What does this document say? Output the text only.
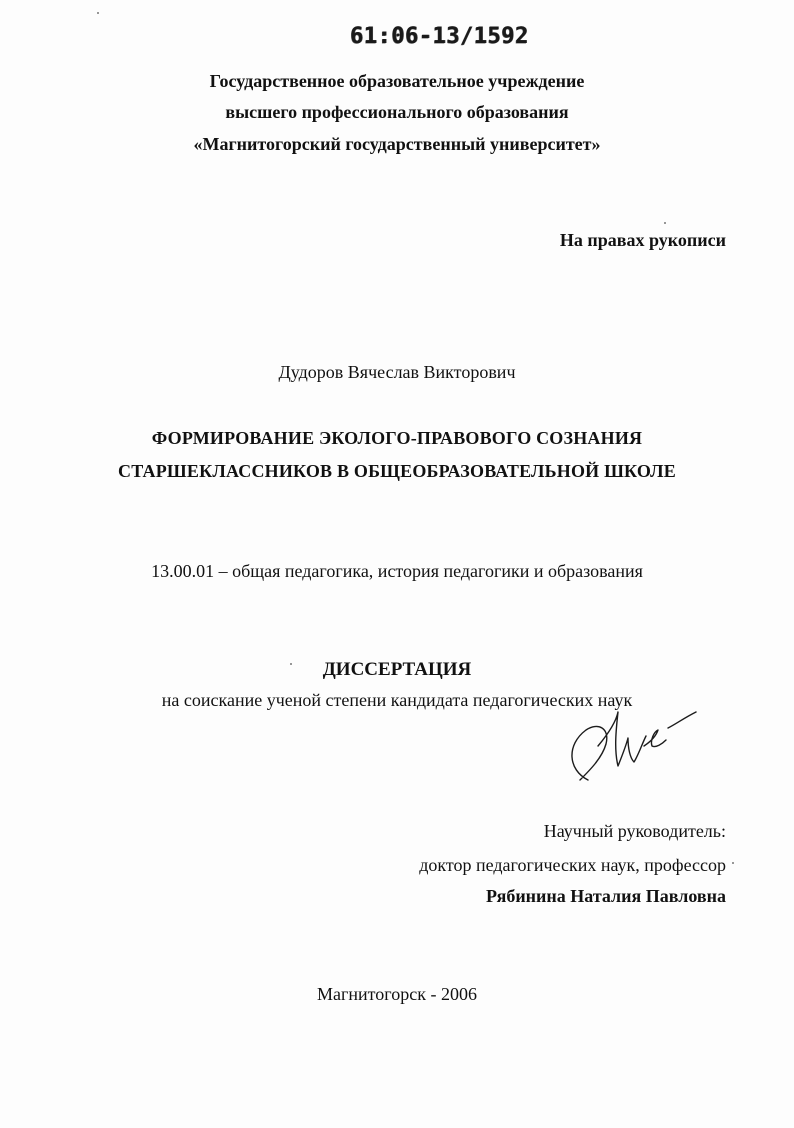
61:06-13/1592
Государственное образовательное учреждение
высшего профессионального образования
«Магнитогорский государственный университет»
На правах рукописи
Дудоров Вячеслав Викторович
ФОРМИРОВАНИЕ ЭКОЛОГО-ПРАВОВОГО СОЗНАНИЯ
СТАРШЕКЛАССНИКОВ В ОБЩЕОБРАЗОВАТЕЛЬНОЙ ШКОЛЕ
13.00.01 – общая педагогика, история педагогики и образования
ДИССЕРТАЦИЯ
на соискание ученой степени кандидата педагогических наук
Научный руководитель:
доктор педагогических наук, профессор
Рябинина Наталия Павловна
Магнитогорск - 2006
